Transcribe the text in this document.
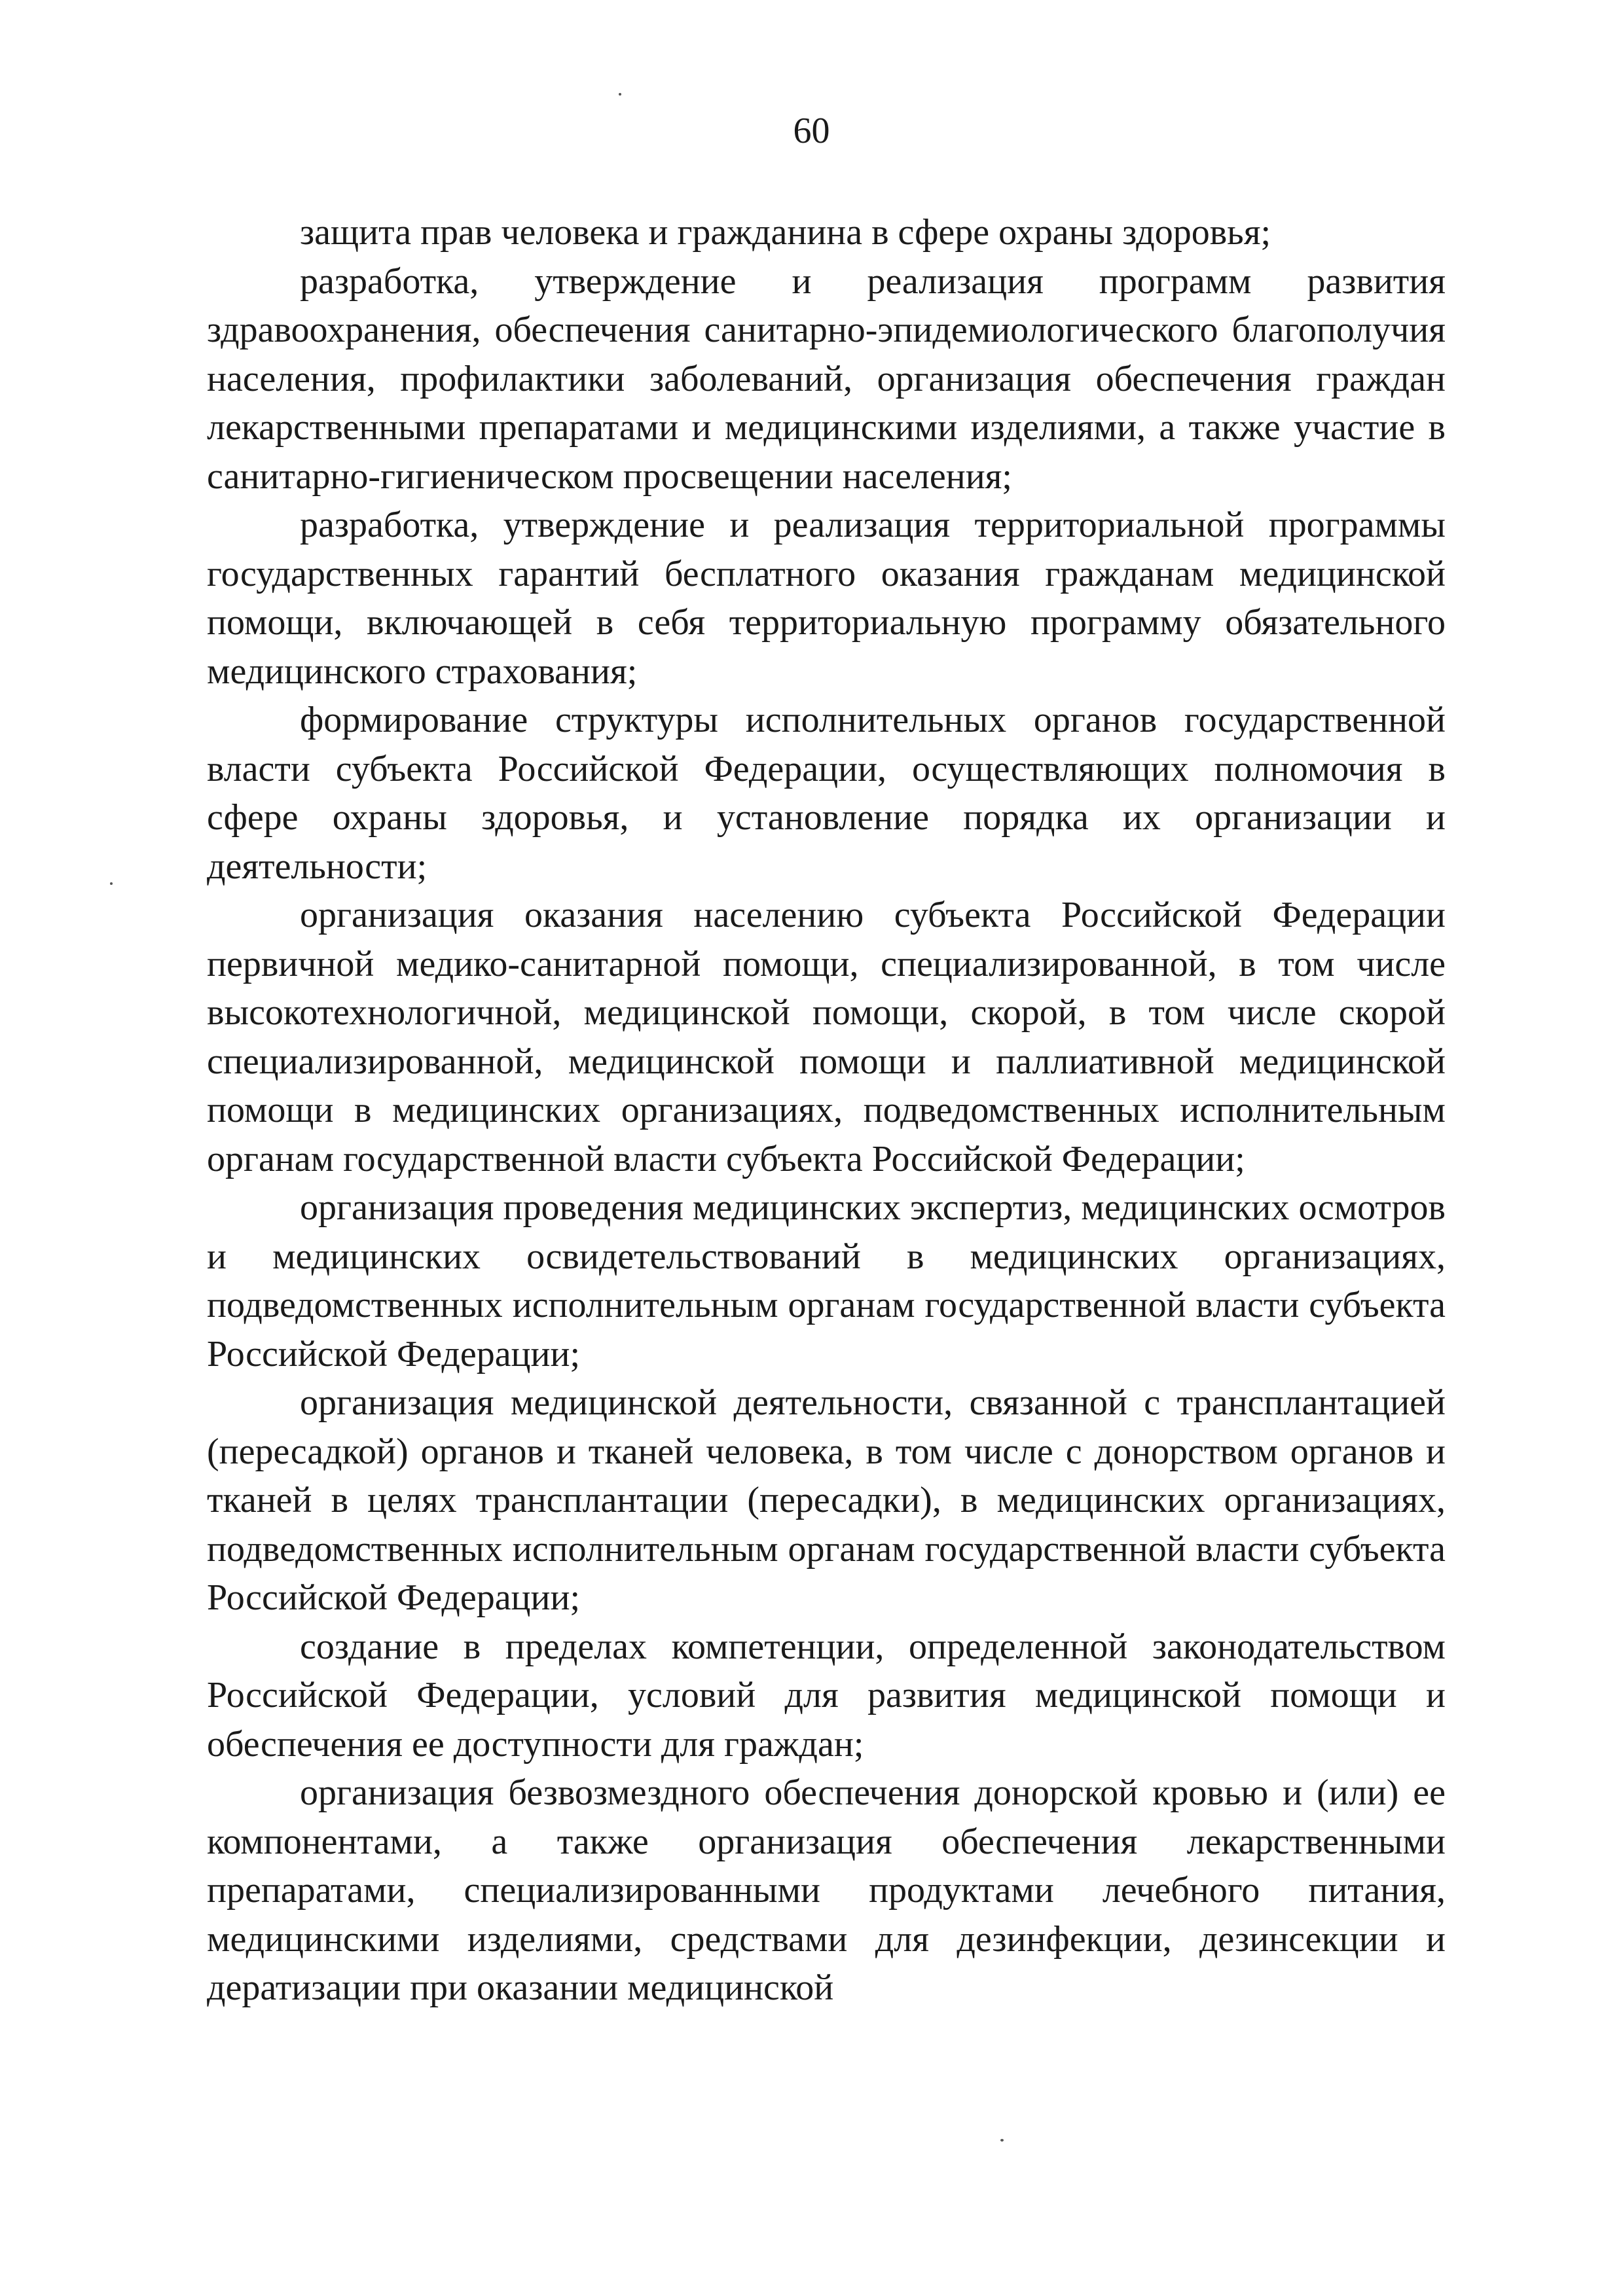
60

защита прав человека и гражданина в сфере охраны здоровья;

разработка, утверждение и реализация программ развития здравоохранения, обеспечения санитарно-эпидемиологического благополучия населения, профилактики заболеваний, организация обеспечения граждан лекарственными препаратами и медицинскими изделиями, а также участие в санитарно-гигиеническом просвещении населения;

разработка, утверждение и реализация территориальной программы государственных гарантий бесплатного оказания гражданам медицинской помощи, включающей в себя территориальную программу обязательного медицинского страхования;

формирование структуры исполнительных органов государственной власти субъекта Российской Федерации, осуществляющих полномочия в сфере охраны здоровья, и установление порядка их организации и деятельности;

организация оказания населению субъекта Российской Федерации первичной медико-санитарной помощи, специализированной, в том числе высокотехнологичной, медицинской помощи, скорой, в том числе скорой специализированной, медицинской помощи и паллиативной медицинской помощи в медицинских организациях, подведомственных исполнительным органам государственной власти субъекта Российской Федерации;

организация проведения медицинских экспертиз, медицинских осмотров и медицинских освидетельствований в медицинских организациях, подведомственных исполнительным органам государственной власти субъекта Российской Федерации;

организация медицинской деятельности, связанной с трансплантацией (пересадкой) органов и тканей человека, в том числе с донорством органов и тканей в целях трансплантации (пересадки), в медицинских организациях, подведомственных исполнительным органам государственной власти субъекта Российской Федерации;

создание в пределах компетенции, определенной законодательством Российской Федерации, условий для развития медицинской помощи и обеспечения ее доступности для граждан;

организация безвозмездного обеспечения донорской кровью и (или) ее компонентами, а также организация обеспечения лекарственными препаратами, специализированными продуктами лечебного питания, медицинскими изделиями, средствами для дезинфекции, дезинсекции и дератизации при оказании медицинской
